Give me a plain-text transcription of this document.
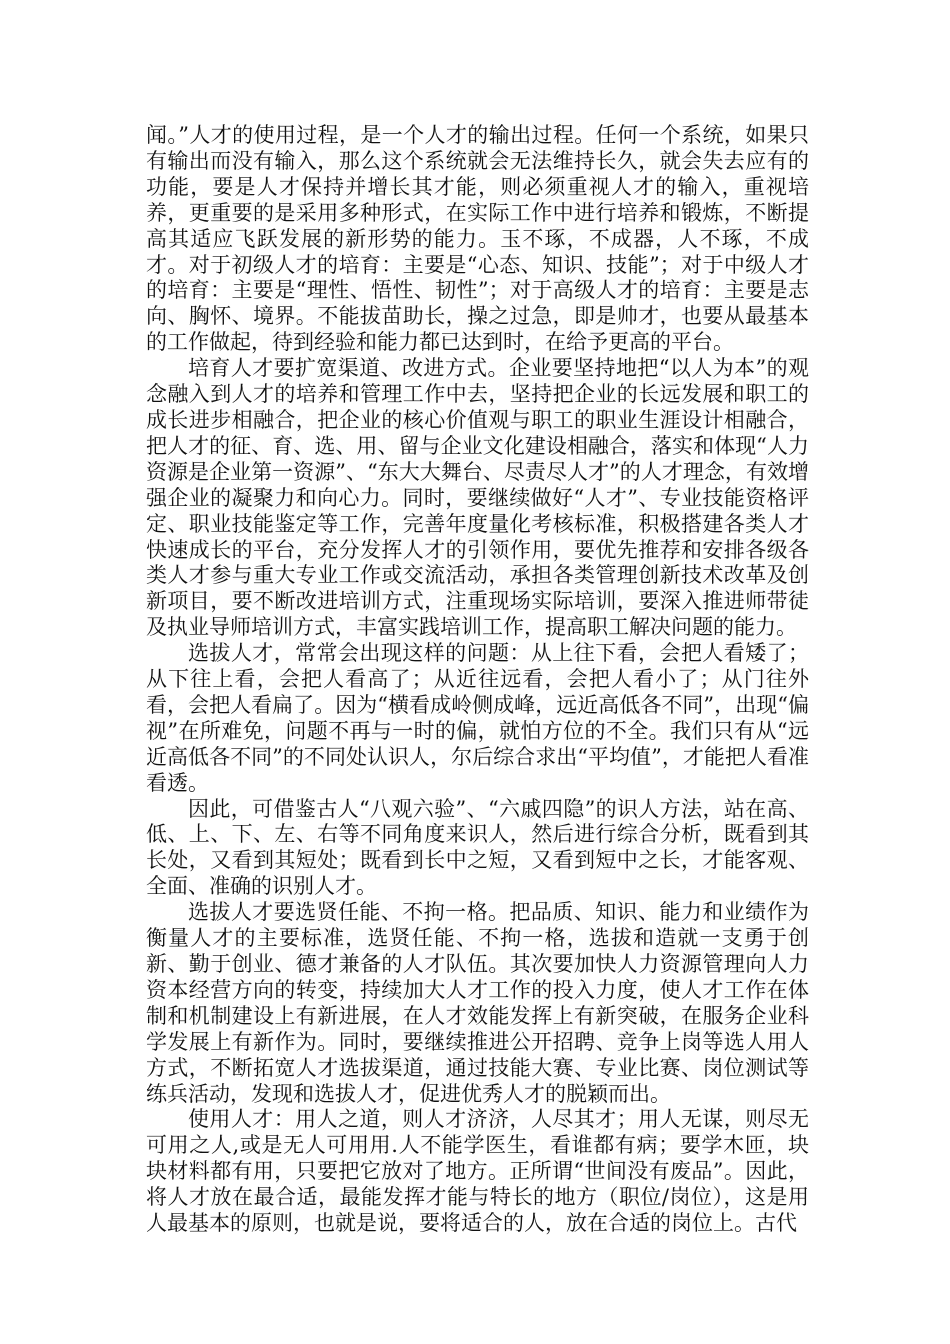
闻。”人才的使用过程，是一个人才的输出过程。任何一个系统，如果只有输出而没有输入，那么这个系统就会无法维持长久，就会失去应有的功能，要是人才保持并增长其才能，则必须重视人才的输入，重视培养，更重要的是采用多种形式，在实际工作中进行培养和锻炼，不断提高其适应飞跃发展的新形势的能力。玉不琢，不成器，人不琢，不成才。对于初级人才的培育：主要是“心态、知识、技能”；对于中级人才的培育：主要是“理性、悟性、韧性”；对于高级人才的培育：主要是志向、胸怀、境界。不能拔苗助长，操之过急，即是帅才，也要从最基本的工作做起，待到经验和能力都已达到时，在给予更高的平台。

培育人才要扩宽渠道、改进方式。企业要坚持地把“以人为本”的观念融入到人才的培养和管理工作中去，坚持把企业的长远发展和职工的成长进步相融合，把企业的核心价值观与职工的职业生涯设计相融合，把人才的征、育、选、用、留与企业文化建设相融合，落实和体现“人力资源是企业第一资源”、“东大大舞台、尽责尽人才”的人才理念，有效增强企业的凝聚力和向心力。同时，要继续做好“人才”、专业技能资格评定、职业技能鉴定等工作，完善年度量化考核标准，积极搭建各类人才快速成长的平台，充分发挥人才的引领作用，要优先推荐和安排各级各类人才参与重大专业工作或交流活动，承担各类管理创新技术改革及创新项目，要不断改进培训方式，注重现场实际培训，要深入推进师带徒及执业导师培训方式，丰富实践培训工作，提高职工解决问题的能力。

选拔人才，常常会出现这样的问题：从上往下看，会把人看矮了；从下往上看，会把人看高了；从近往远看，会把人看小了；从门往外看，会把人看扁了。因为“横看成岭侧成峰，远近高低各不同”，出现“偏视”在所难免，问题不再与一时的偏，就怕方位的不全。我们只有从“远近高低各不同”的不同处认识人，尔后综合求出“平均值”，才能把人看准看透。

因此，可借鉴古人“八观六验”、“六戚四隐”的识人方法，站在高、低、上、下、左、右等不同角度来识人，然后进行综合分析，既看到其长处，又看到其短处；既看到长中之短，又看到短中之长，才能客观、全面、准确的识别人才。

选拔人才要选贤任能、不拘一格。把品质、知识、能力和业绩作为衡量人才的主要标准，选贤任能、不拘一格，选拔和造就一支勇于创新、勤于创业、德才兼备的人才队伍。其次要加快人力资源管理向人力资本经营方向的转变，持续加大人才工作的投入力度，使人才工作在体制和机制建设上有新进展，在人才效能发挥上有新突破，在服务企业科学发展上有新作为。同时，要继续推进公开招聘、竞争上岗等选人用人方式，不断拓宽人才选拔渠道，通过技能大赛、专业比赛、岗位测试等练兵活动，发现和选拔人才，促进优秀人才的脱颖而出。

使用人才：用人之道，则人才济济，人尽其才；用人无谋，则尽无可用之人,或是无人可用用.人不能学医生，看谁都有病；要学木匝，块块材料都有用，只要把它放对了地方。正所谓“世间没有废品”。因此，将人才放在最合适，最能发挥才能与特长的地方（职位/岗位），这是用人最基本的原则，也就是说，要将适合的人，放在合适的岗位上。古代
